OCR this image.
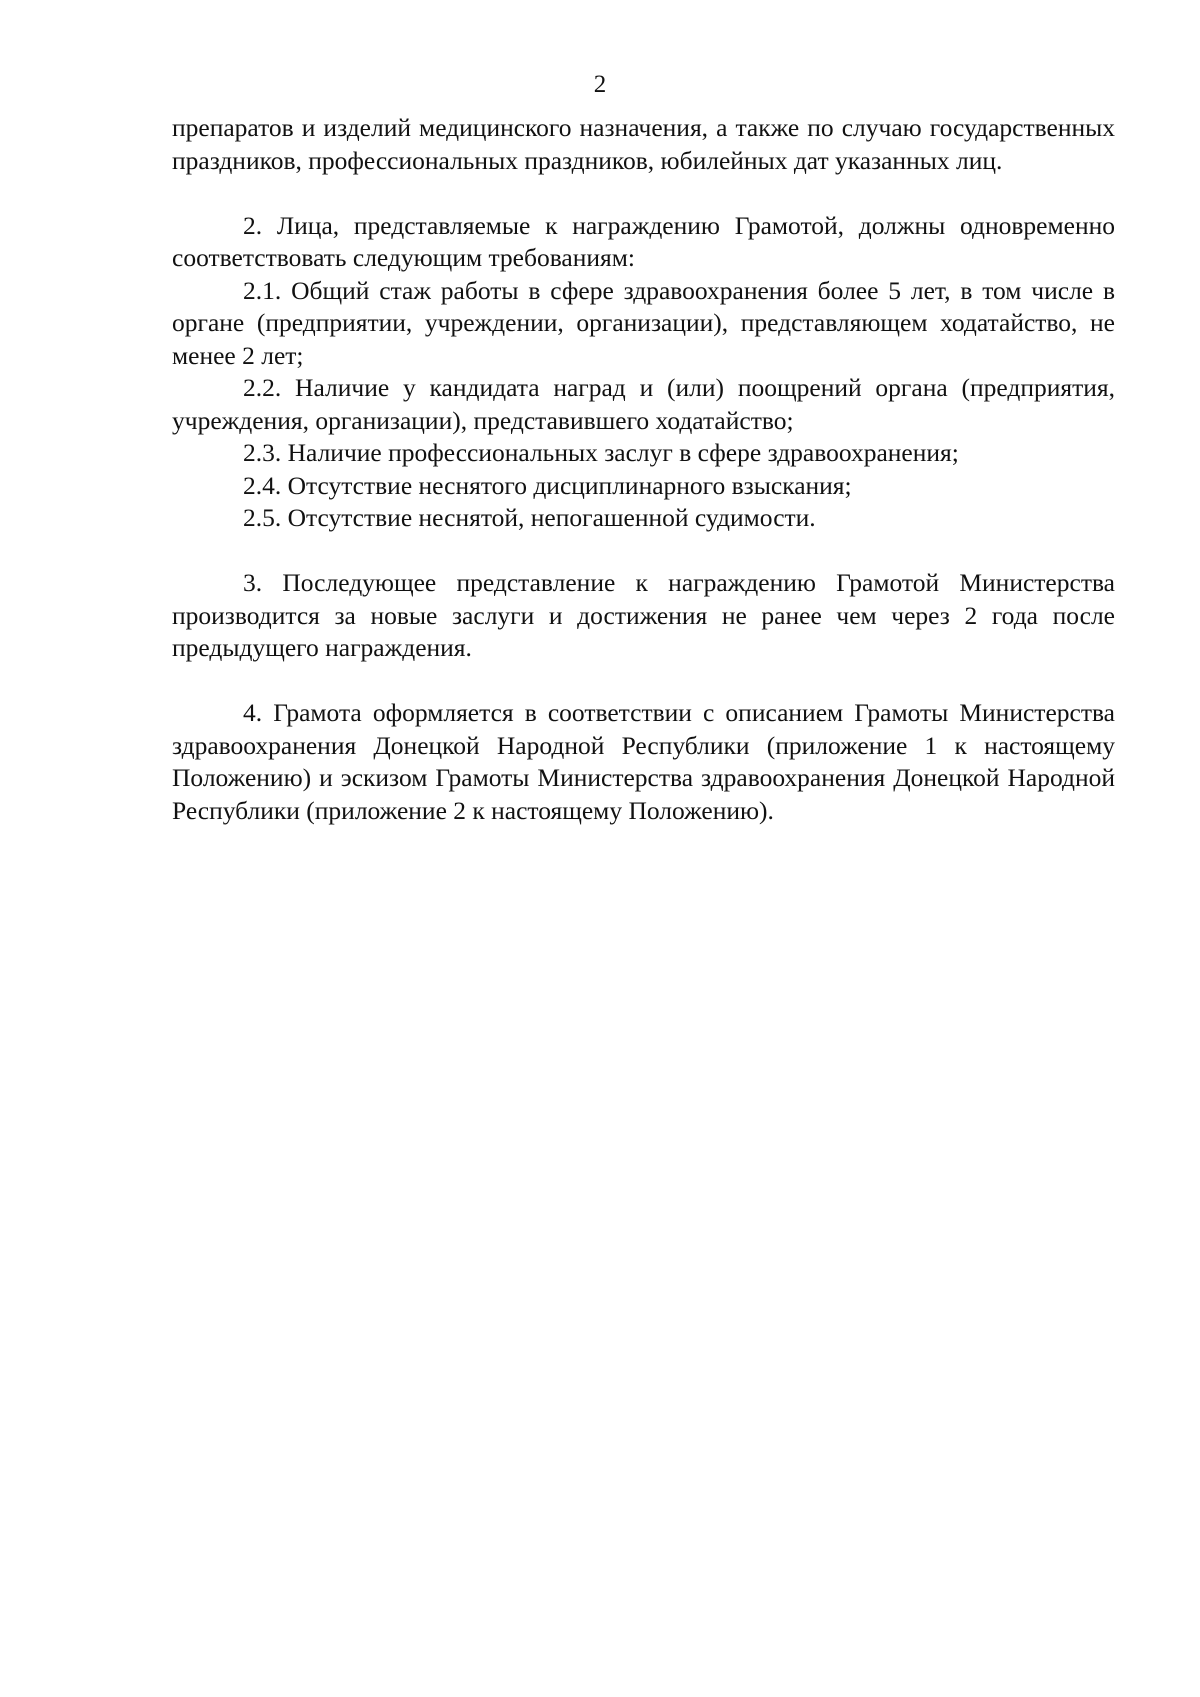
2

препаратов и изделий медицинского назначения, а также по случаю государственных праздников, профессиональных праздников, юбилейных дат указанных лиц.

2. Лица, представляемые к награждению Грамотой, должны одновременно соответствовать следующим требованиям:

2.1. Общий стаж работы в сфере здравоохранения более 5 лет, в том числе в органе (предприятии, учреждении, организации), представляющем ходатайство, не менее 2 лет;

2.2. Наличие у кандидата наград и (или) поощрений органа (предприятия, учреждения, организации), представившего ходатайство;

2.3. Наличие профессиональных заслуг в сфере здравоохранения;

2.4. Отсутствие неснятого дисциплинарного взыскания;

2.5. Отсутствие неснятой, непогашенной судимости.

3. Последующее представление к награждению Грамотой Министерства производится за новые заслуги и достижения не ранее чем через 2 года после предыдущего награждения.

4. Грамота оформляется в соответствии с описанием Грамоты Министерства здравоохранения Донецкой Народной Республики (приложение 1 к настоящему Положению) и эскизом Грамоты Министерства здравоохранения Донецкой Народной Республики (приложение 2 к настоящему Положению).
